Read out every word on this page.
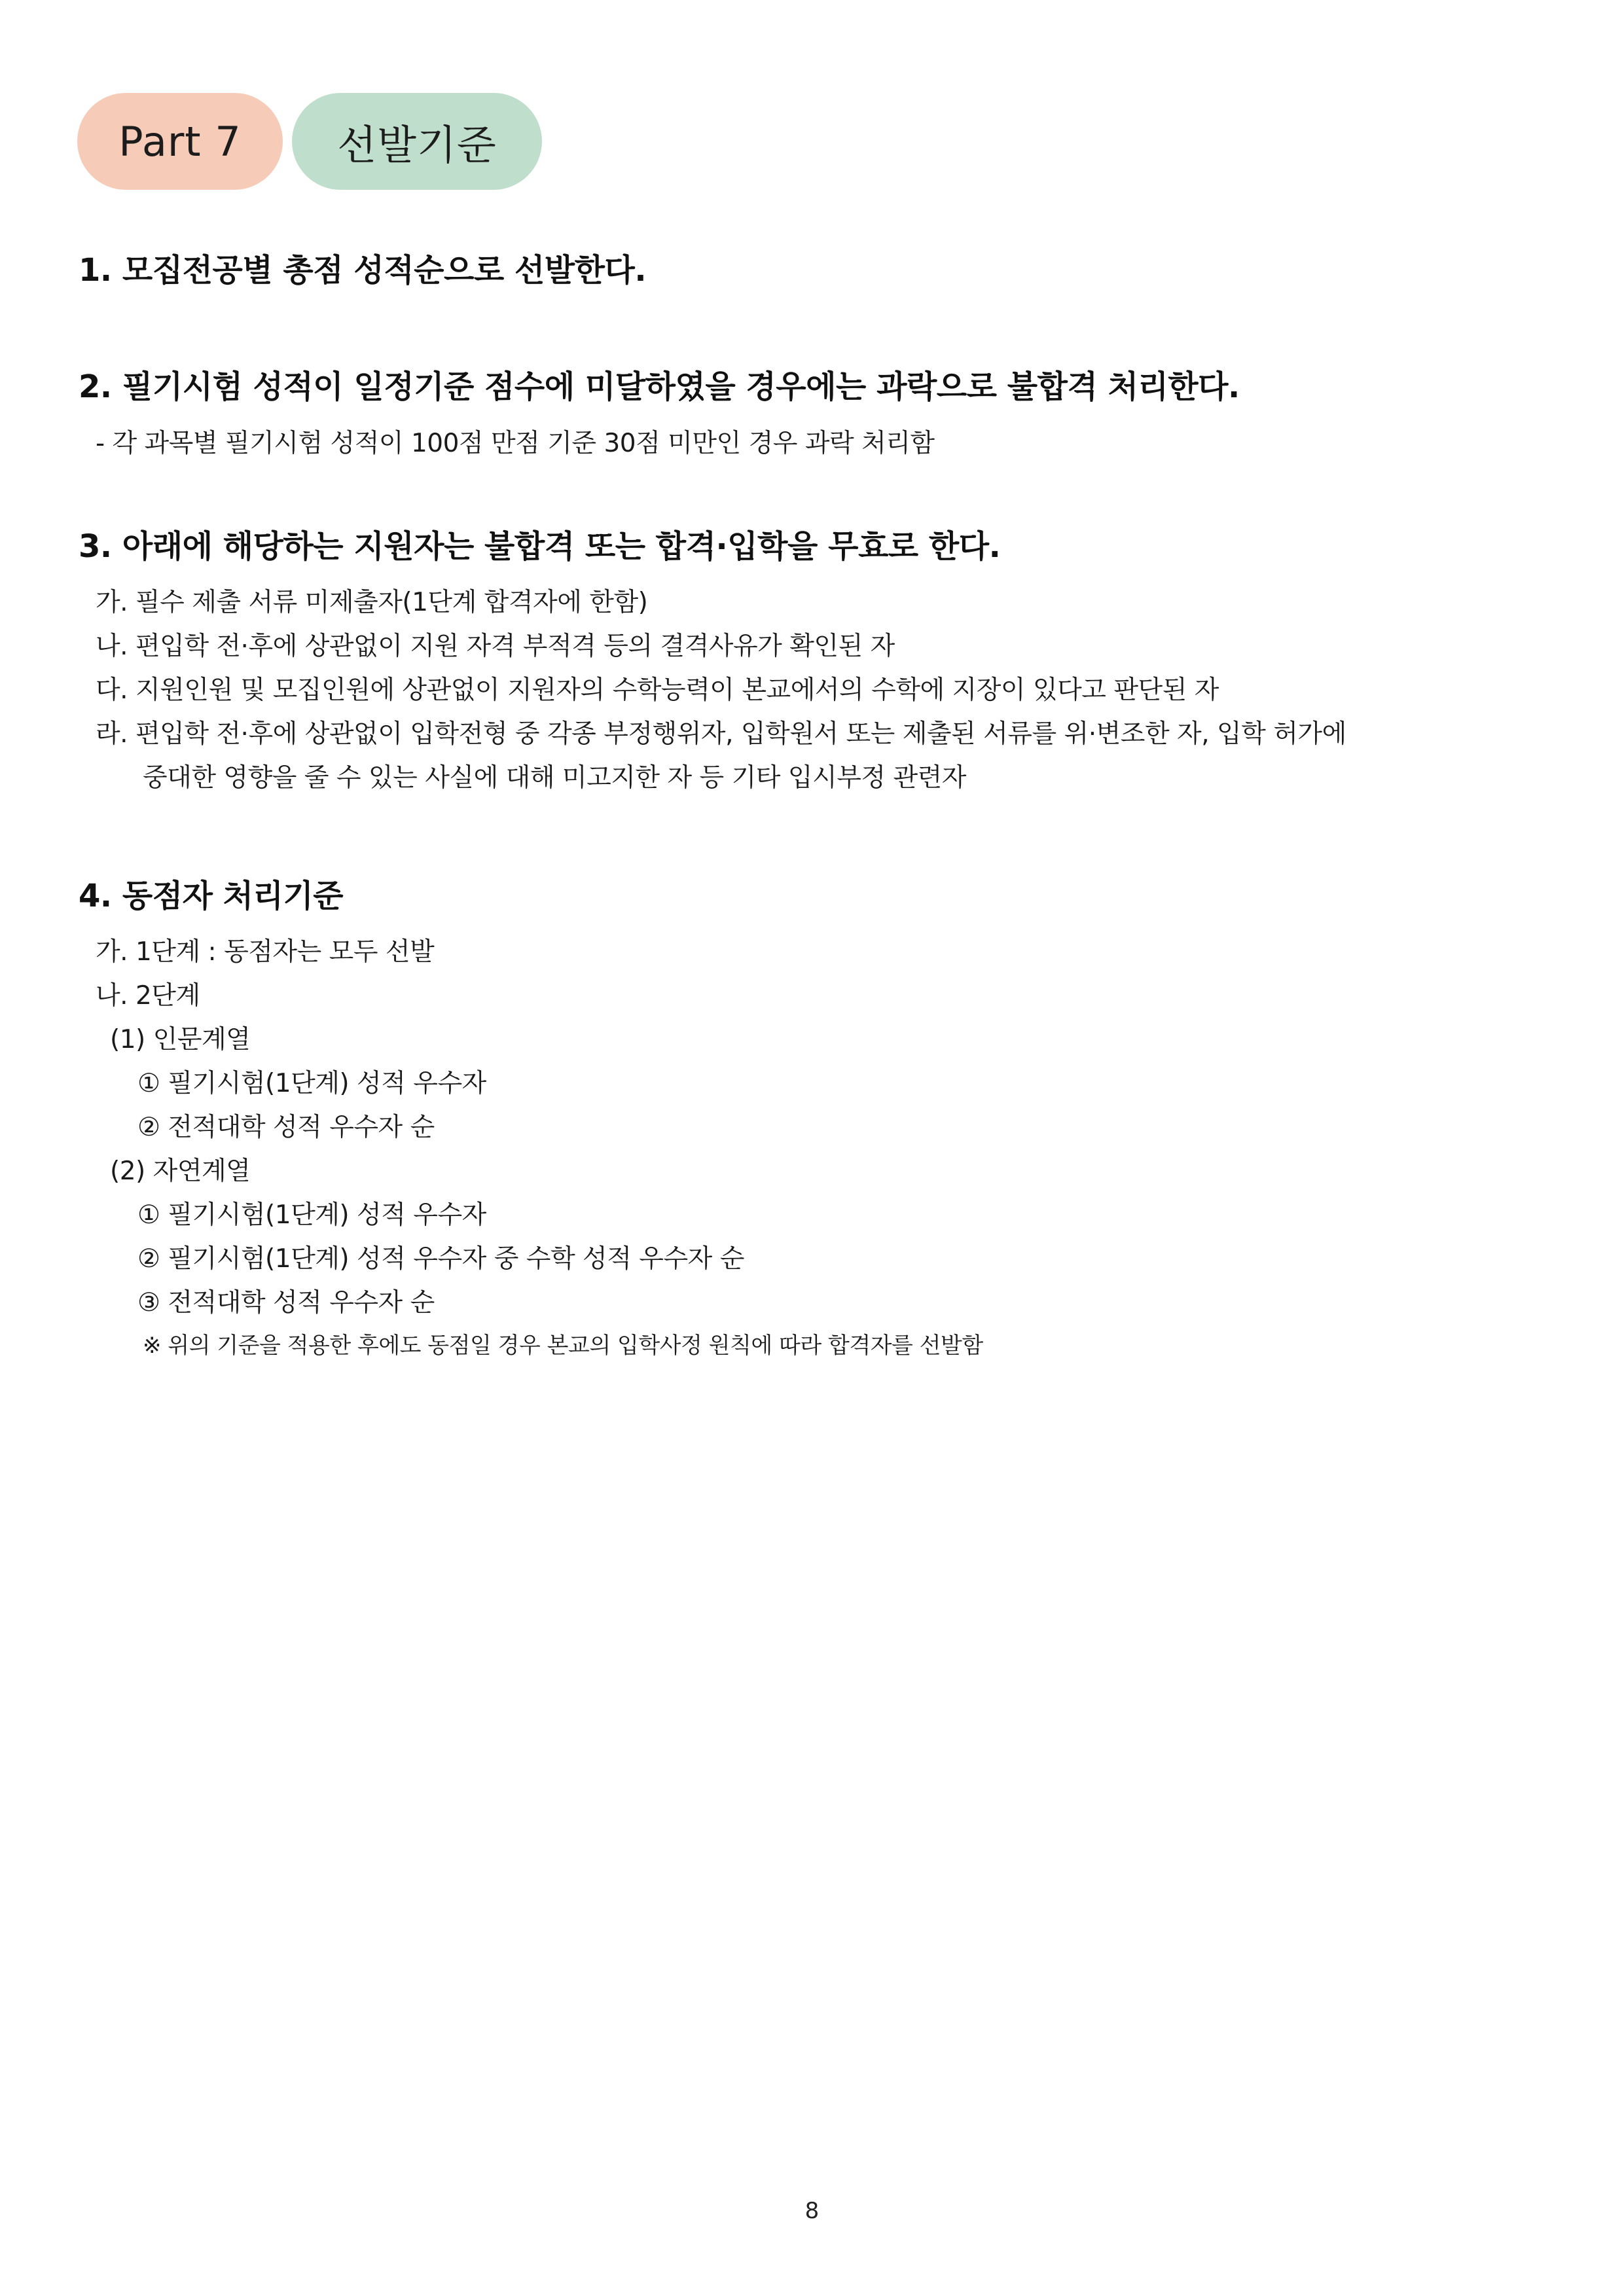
Part 7	선발기준
1. 모집전공별 총점 성적순으로 선발한다.
2. 필기시험 성적이 일정기준 점수에 미달하였을 경우에는 과락으로 불합격 처리한다.
- 각 과목별 필기시험 성적이 100점 만점 기준 30점 미만인 경우 과락 처리함
3. 아래에 해당하는 지원자는 불합격 또는 합격·입학을 무효로 한다.
가. 필수 제출 서류 미제출자(1단계 합격자에 한함)
나. 편입학 전·후에 상관없이 지원 자격 부적격 등의 결격사유가 확인된 자
다. 지원인원 및 모집인원에 상관없이 지원자의 수학능력이 본교에서의 수학에 지장이 있다고 판단된 자
라. 편입학 전·후에 상관없이 입학전형 중 각종 부정행위자, 입학원서 또는 제출된 서류를 위·변조한 자, 입학 허가에
중대한 영향을 줄 수 있는 사실에 대해 미고지한 자 등 기타 입시부정 관련자
4. 동점자 처리기준
가. 1단계 : 동점자는 모두 선발
나. 2단계
(1) 인문계열
① 필기시험(1단계) 성적 우수자
② 전적대학 성적 우수자 순
(2) 자연계열
① 필기시험(1단계) 성적 우수자
② 필기시험(1단계) 성적 우수자 중 수학 성적 우수자 순
③ 전적대학 성적 우수자 순
※ 위의 기준을 적용한 후에도 동점일 경우 본교의 입학사정 원칙에 따라 합격자를 선발함
8
